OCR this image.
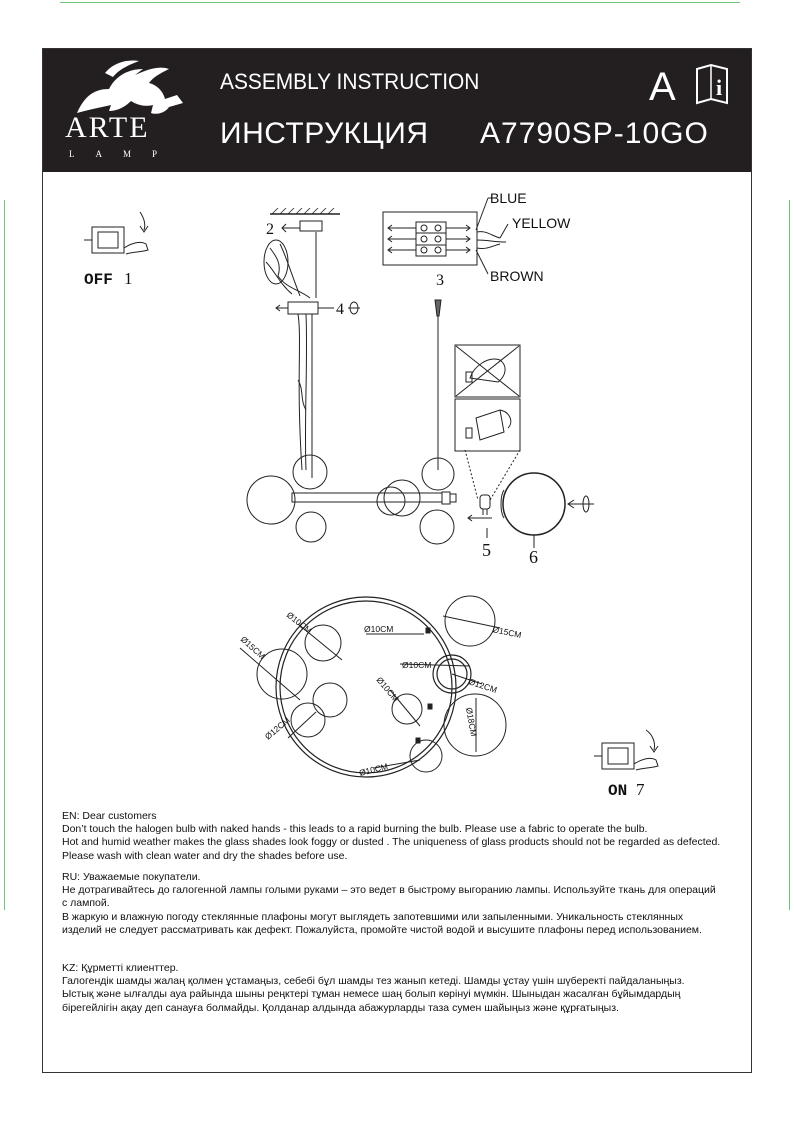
ARTE
LAMP
ASSEMBLY INSTRUCTION
ИНСТРУКЦИЯ A7790SP-10GO
A i
OFF 1
2
3
4
5 6
BLUE
YELLOW
BROWN
ON 7
Ø10CM
Ø15CM
Ø10CM	Ø15CM
Ø10CM
Ø12CM
Ø10CM
Ø12CM	Ø18CM
Ø10CM

EN: Dear customers

Don’t touch the halogen bulb with naked hands - this leads to a rapid burning the bulb. Please use a fabric to operate the bulb.

Hot and humid weather makes the glass shades look foggy or dusted . The uniqueness of glass products should not be regarded as defected. Please wash with clean water and dry the shades before use.

RU: Уважаемые покупатели.

Не дотрагивайтесь до галогенной лампы голыми руками – это ведет в быстрому выгоранию лампы. Используйте ткань для операций с лампой.

В жаркую и влажную погоду стеклянные плафоны могут выглядеть запотевшими или запыленными. Уникальность стеклянных изделий не следует рассматривать как дефект. Пожалуйста, промойте чистой водой и высушите плафоны перед использованием.

KZ: Құрметті клиенттер.

Галогендік шамды жалаң қолмен ұстамаңыз, себебі бұл шамды тез жанып кетеді. Шамды ұстау үшін шүберекті пайдаланыңыз.

Ыстық және ылғалды ауа райында шыны реңктері тұман немесе шаң болып көрінуі мүмкін. Шыныдан жасалған бұйымдардың бірегейлігін ақау деп санауға болмайды. Қолданар алдында абажурларды таза сумен шайыңыз және құрғатыңыз.
